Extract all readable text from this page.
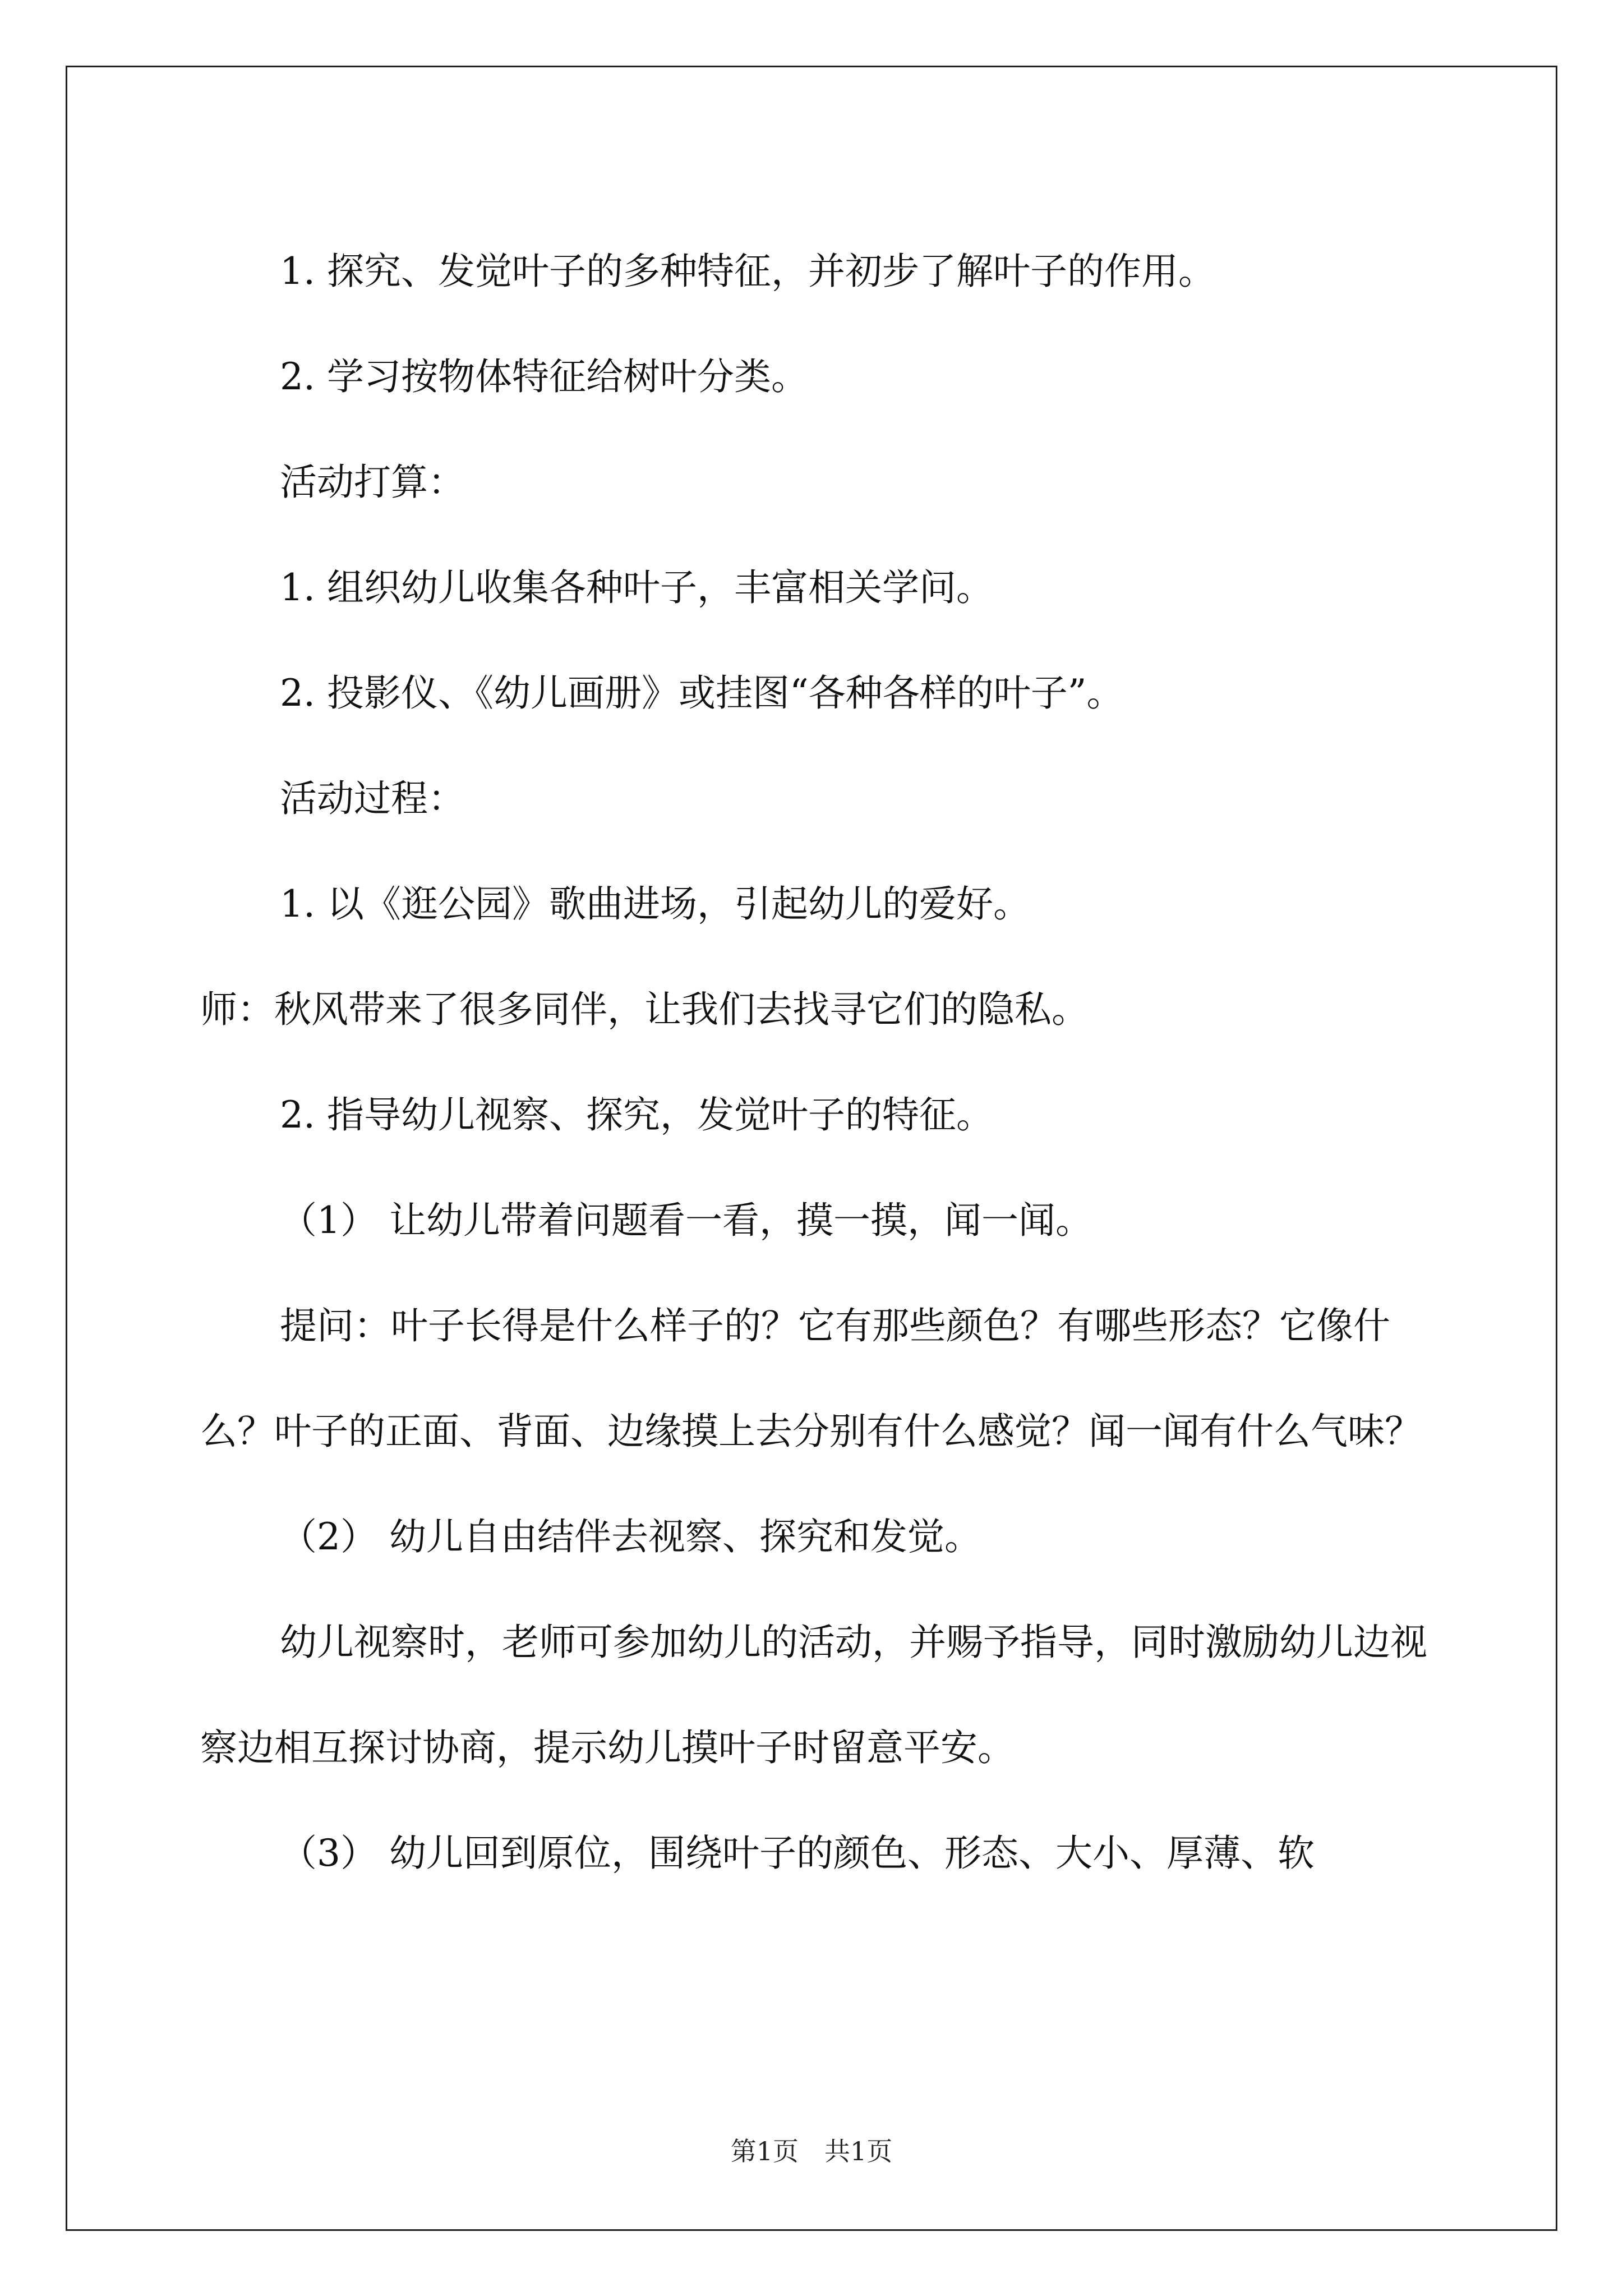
1. 探究、发觉叶子的多种特征，并初步了解叶子的作用。

2. 学习按物体特征给树叶分类。

活动打算：

1. 组织幼儿收集各种叶子，丰富相关学问。

2. 投影仪、《幼儿画册》或挂图“各种各样的叶子”。

活动过程：

1. 以《逛公园》歌曲进场，引起幼儿的爱好。

师：秋风带来了很多同伴，让我们去找寻它们的隐私。

2. 指导幼儿视察、探究，发觉叶子的特征。

（1） 让幼儿带着问题看一看，摸一摸，闻一闻。

提问：叶子长得是什么样子的？它有那些颜色？有哪些形态？它像什么？叶子的正面、背面、边缘摸上去分别有什么感觉？闻一闻有什么气味？

（2） 幼儿自由结伴去视察、探究和发觉。

幼儿视察时，老师可参加幼儿的活动，并赐予指导，同时激励幼儿边视察边相互探讨协商，提示幼儿摸叶子时留意平安。

（3） 幼儿回到原位，围绕叶子的颜色、形态、大小、厚薄、软

第1页　共1页
